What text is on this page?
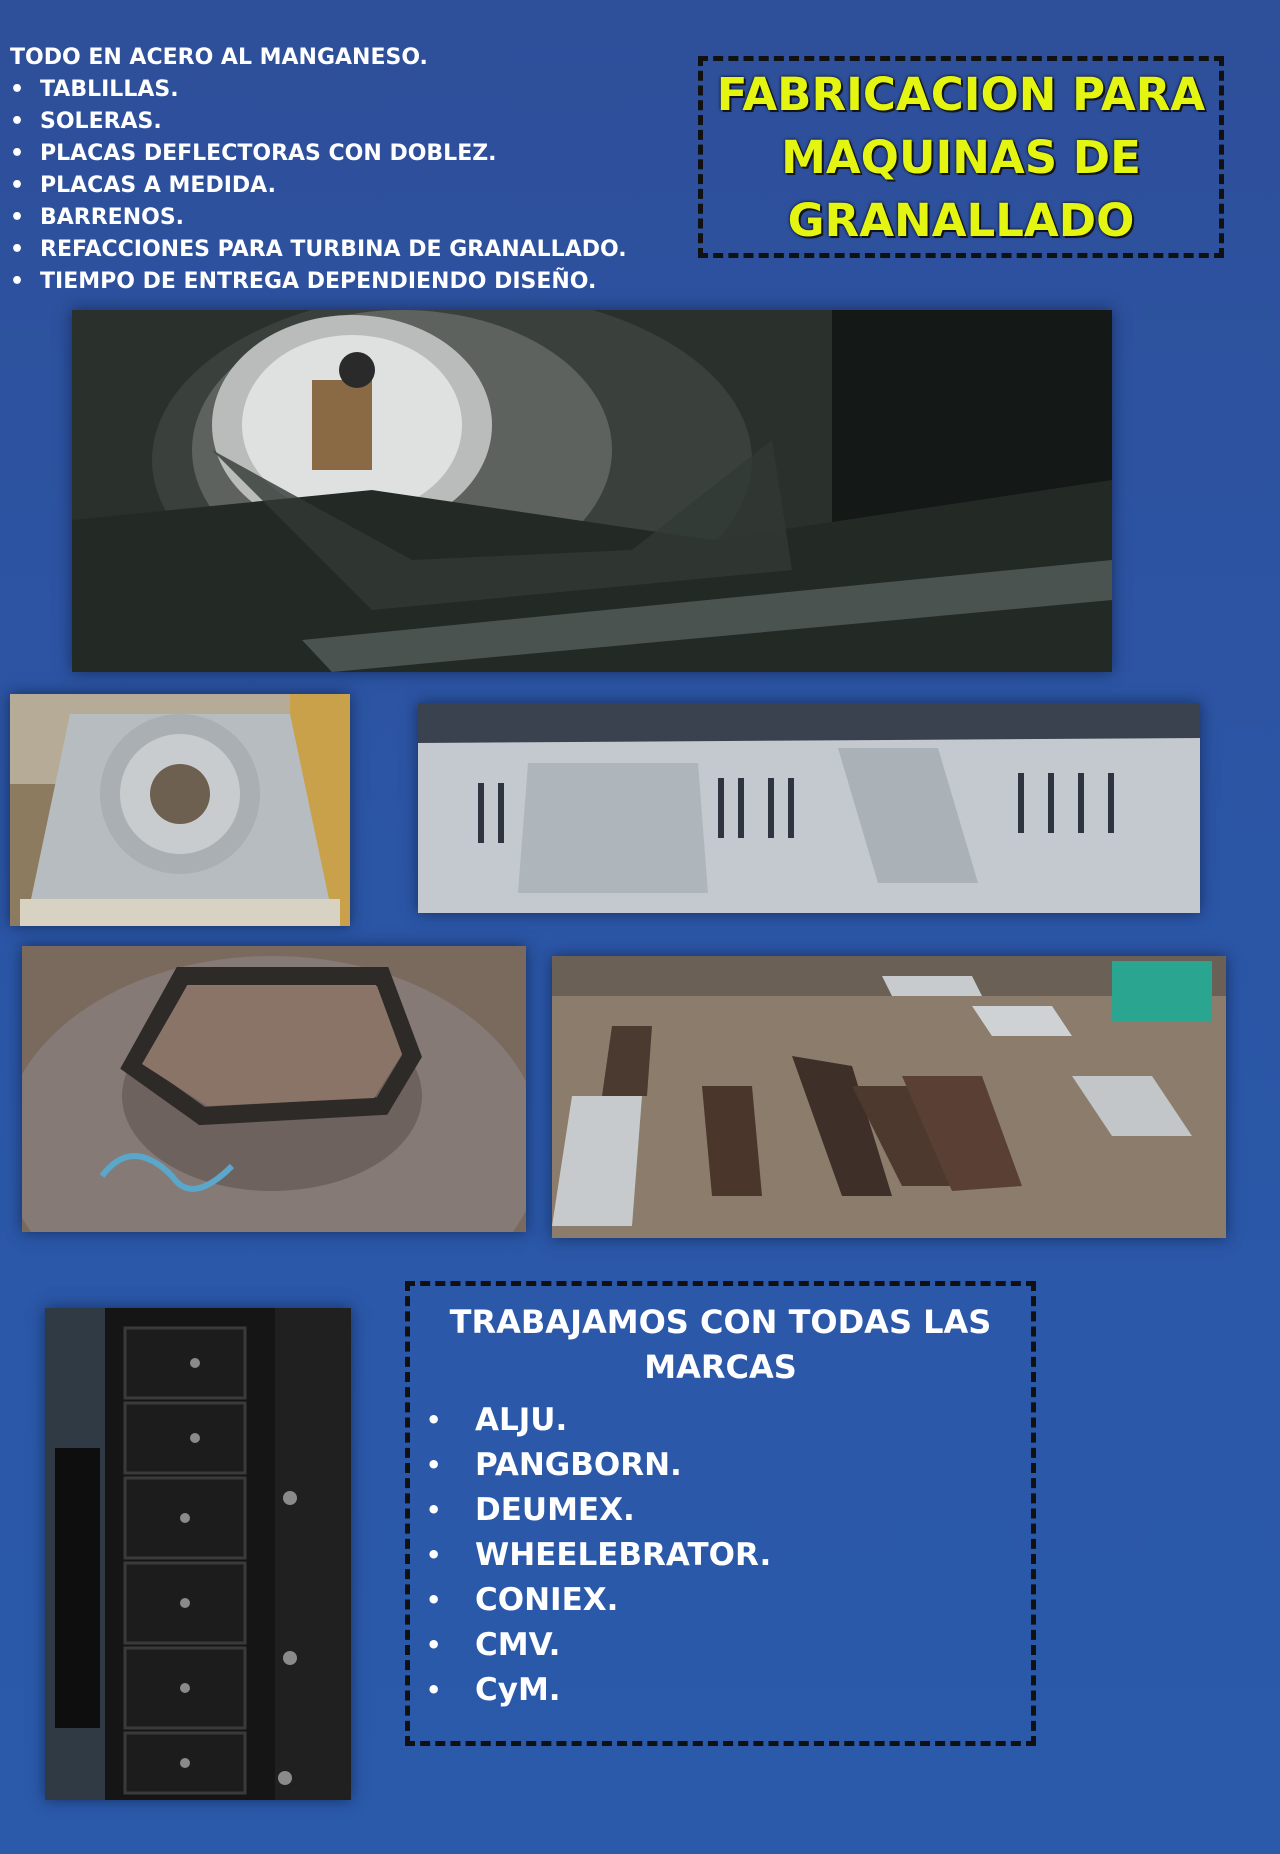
TODO EN ACERO AL MANGANESO.

• TABLILLAS.
• SOLERAS.
• PLACAS DEFLECTORAS CON DOBLEZ.
• PLACAS A MEDIDA.
• BARRENOS.
• REFACCIONES PARA TURBINA DE GRANALLADO.
• TIEMPO DE ENTREGA DEPENDIENDO DISEÑO.
FABRICACION PARA
MAQUINAS DE
GRANALLADO
TRABAJAMOS CON TODAS LAS
MARCAS
• ALJU.
• PANGBORN.
• DEUMEX.
• WHEELEBRATOR.
• CONIEX.
• CMV.
• CyM.
